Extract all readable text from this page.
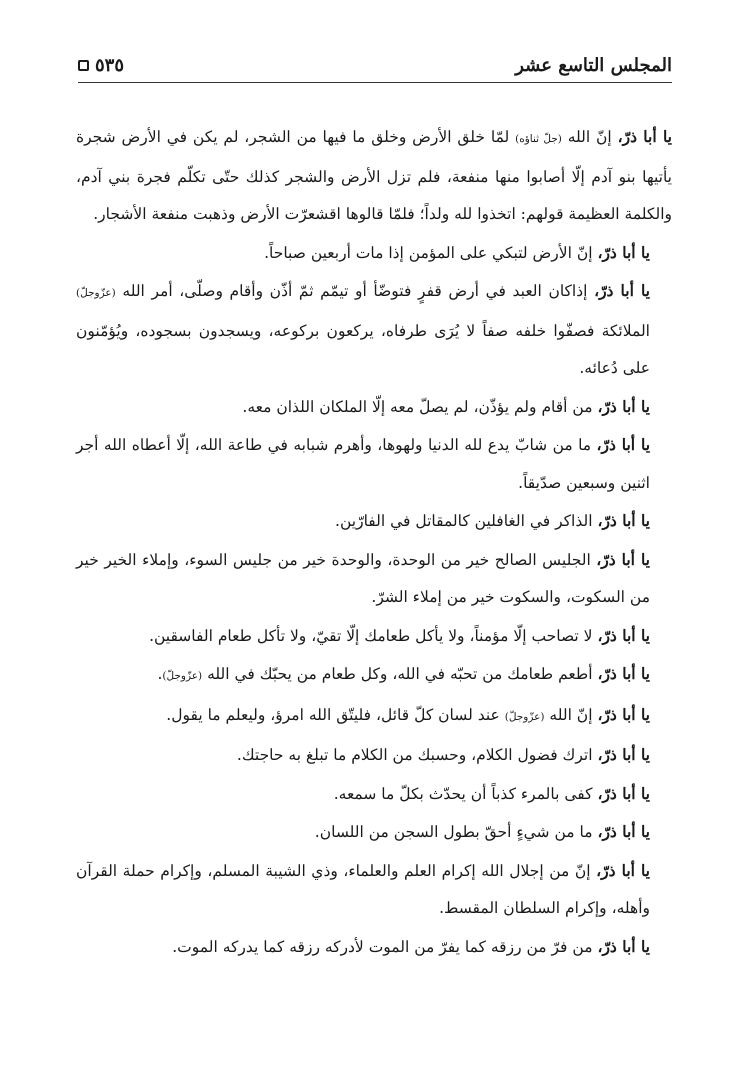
المجلس التاسع عشر
٥٣٥

يا أبا ذرّ، إنّ الله (جلّ ثناؤه) لمّا خلق الأرض وخلق ما فيها من الشجر، لم يكن في الأرض شجرة يأتيها بنو آدم إلّا أصابوا منها منفعة، فلم تزل الأرض والشجر كذلك حتّى تكلّم فجرة بني آدم، والكلمة العظيمة قولهم: اتخذوا لله ولداً؛ فلمّا قالوها اقشعرّت الأرض وذهبت منفعة الأشجار.

يا أبا ذرّ، إنّ الأرض لتبكي على المؤمن إذا مات أربعين صباحاً.

يا أبا ذرّ، إذاكان العبد في أرض قفرٍ فتوضّأ أو تيمّم ثمّ أذّن وأقام وصلّى، أمر الله (عزّوجلّ) الملائكة فصفّوا خلفه صفاً لا يُرَى طرفاه، يركعون بركوعه، ويسجدون بسجوده، ويُؤمّنون على دُعائه.

يا أبا ذرّ، من أقام ولم يؤذّن، لم يصلّ معه إلّا الملكان اللذان معه.

يا أبا ذرّ، ما من شابّ يدع لله الدنيا ولهوها، وأهرم شبابه في طاعة الله، إلّا أعطاه الله أجر اثنين وسبعين صدّيقاً.

يا أبا ذرّ، الذاكر في الغافلين كالمقاتل في الفارّين.

يا أبا ذرّ، الجليس الصالح خير من الوحدة، والوحدة خير من جليس السوء، وإملاء الخير خير من السكوت، والسكوت خير من إملاء الشرّ.

يا أبا ذرّ، لا تصاحب إلّا مؤمناً، ولا يأكل طعامك إلّا تقيّ، ولا تأكل طعام الفاسقين.

يا أبا ذرّ، أطعم طعامك من تحبّه في الله، وكل طعام من يحبّك في الله (عزّوجلّ).

يا أبا ذرّ، إنّ الله (عزّوجلّ) عند لسان كلّ قائل، فليتّق الله امرؤ، وليعلم ما يقول.

يا أبا ذرّ، اترك فضول الكلام، وحسبك من الكلام ما تبلغ به حاجتك.

يا أبا ذرّ، كفى بالمرء كذباً أن يحدّث بكلّ ما سمعه.

يا أبا ذرّ، ما من شيءٍ أحقّ بطول السجن من اللسان.

يا أبا ذرّ، إنّ من إجلال الله إكرام العلم والعلماء، وذي الشيبة المسلم، وإكرام حملة القرآن وأهله، وإكرام السلطان المقسط.

يا أبا ذرّ، من فرّ من رزقه كما يفرّ من الموت لأدركه رزقه كما يدركه الموت.
